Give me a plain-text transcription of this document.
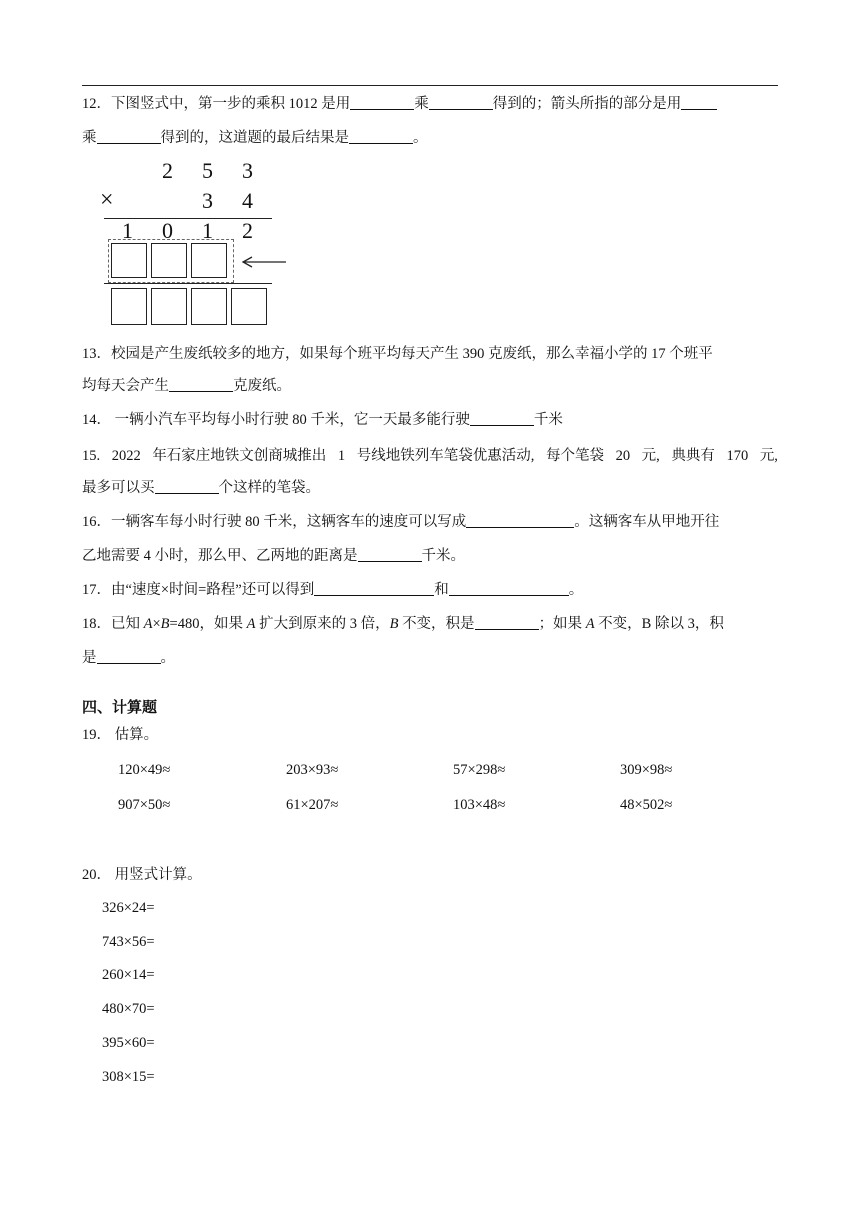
12．下图竖式中，第一步的乘积 1012 是用	乘	得到的；箭头所指的部分是用
乘	得到的，这道题的最后结果是	。
2 5 3
×	3 4
1 0 1 2
13．校园是产生废纸较多的地方，如果每个班平均每天产生 390 克废纸，那么幸福小学的 17 个班平
均每天会产生	克废纸。
14． 一辆小汽车平均每小时行驶 80 千米，它一天最多能行驶	千米
15. 2022 年石家庄地铁文创商城推出 1 号线地铁列车笔袋优惠活动, 每个笔袋 20 元, 典典有 170 元,
最多可以买	个这样的笔袋。
16．一辆客车每小时行驶 80 千米，这辆客车的速度可以写成	。这辆客车从甲地开往
乙地需要 4 小时，那么甲、乙两地的距离是	千米。
17．由“速度×时间=路程”还可以得到	和	。
18．已知 A×B=480，如果 A 扩大到原来的 3 倍，B 不变，积是	；如果 A 不变，B 除以 3，积
是	。
四、计算题
19． 估算。
120×49≈	203×93≈	57×298≈	309×98≈
907×50≈	61×207≈	103×48≈	48×502≈
20． 用竖式计算。
326×24=
743×56=
260×14=
480×70=
395×60=
308×15=
